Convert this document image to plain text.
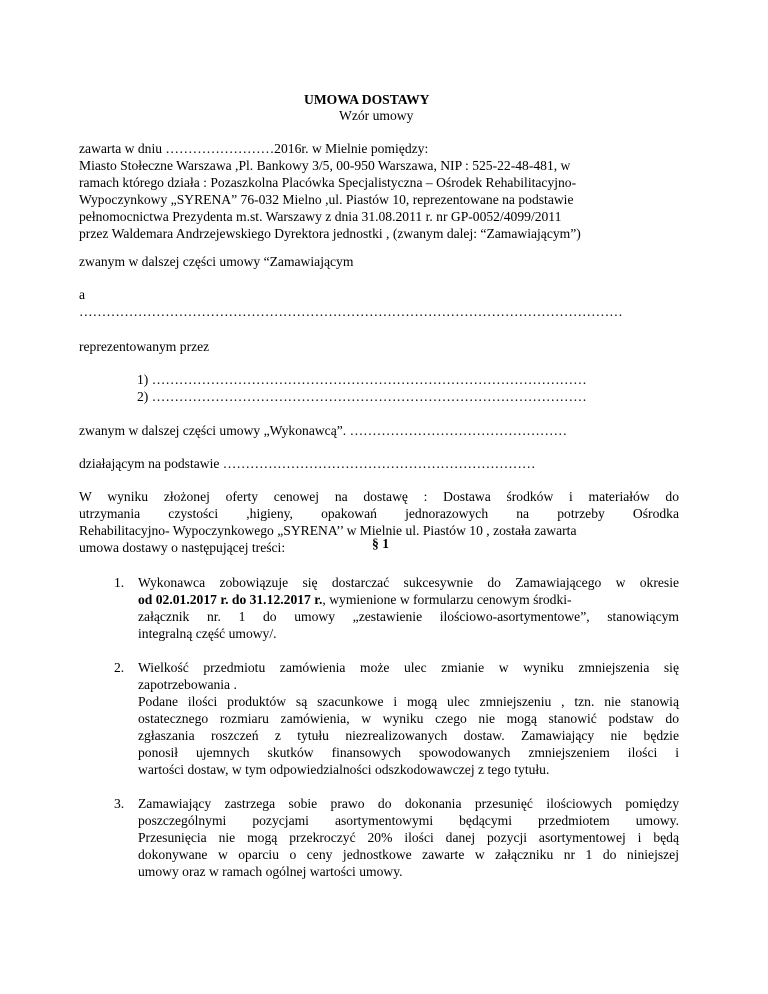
UMOWA DOSTAWY
Wzór umowy
zawarta w dniu ……………………2016r. w Mielnie pomiędzy:
Miasto Stołeczne Warszawa ,Pl. Bankowy 3/5, 00-950 Warszawa, NIP : 525-22-48-481, w
ramach którego działa : Pozaszkolna Placówka Specjalistyczna – Ośrodek Rehabilitacyjno-
Wypoczynkowy „SYRENA” 76-032 Mielno ,ul. Piastów 10, reprezentowane na podstawie
pełnomocnictwa Prezydenta m.st. Warszawy z dnia 31.08.2011 r. nr GP-0052/4099/2011
przez Waldemara Andrzejewskiego Dyrektora jednostki , (zwanym dalej: “Zamawiającym”)
zwanym w dalszej części umowy “Zamawiającym
a
…………………………………………………………………………………………………………
reprezentowanym przez
1) ……………………………………………………………………………………
2) ……………………………………………………………………………………
zwanym w dalszej części umowy „Wykonawcą”. …………………………………………
działającym na podstawie ……………………………………………………………
W wyniku złożonej oferty cenowej na dostawę : Dostawa środków i materiałów do
utrzymania czystości ,higieny, opakowań jednorazowych na potrzeby Ośrodka
Rehabilitacyjno- Wypoczynkowego „SYRENA’’ w Mielnie ul. Piastów 10 , została zawarta
umowa dostawy o następującej treści:	§ 1
1. Wykonawca zobowiązuje się dostarczać sukcesywnie do Zamawiającego w okresie
od 02.01.2017 r. do 31.12.2017 r., wymienione w formularzu cenowym środki-
załącznik nr. 1 do umowy „zestawienie ilościowo-asortymentowe”, stanowiącym
integralną część umowy/.
2. Wielkość przedmiotu zamówienia może ulec zmianie w wyniku zmniejszenia się
zapotrzebowania .
Podane ilości produktów są szacunkowe i mogą ulec zmniejszeniu , tzn. nie stanowią
ostatecznego rozmiaru zamówienia, w wyniku czego nie mogą stanowić podstaw do
zgłaszania roszczeń z tytułu niezrealizowanych dostaw. Zamawiający nie będzie
ponosił ujemnych skutków finansowych spowodowanych zmniejszeniem ilości i
wartości dostaw, w tym odpowiedzialności odszkodowawczej z tego tytułu.
3. Zamawiający zastrzega sobie prawo do dokonania przesunięć ilościowych pomiędzy
poszczególnymi pozycjami asortymentowymi będącymi przedmiotem umowy.
Przesunięcia nie mogą przekroczyć 20% ilości danej pozycji asortymentowej i będą
dokonywane w oparciu o ceny jednostkowe zawarte w załączniku nr 1 do niniejszej
umowy oraz w ramach ogólnej wartości umowy.
